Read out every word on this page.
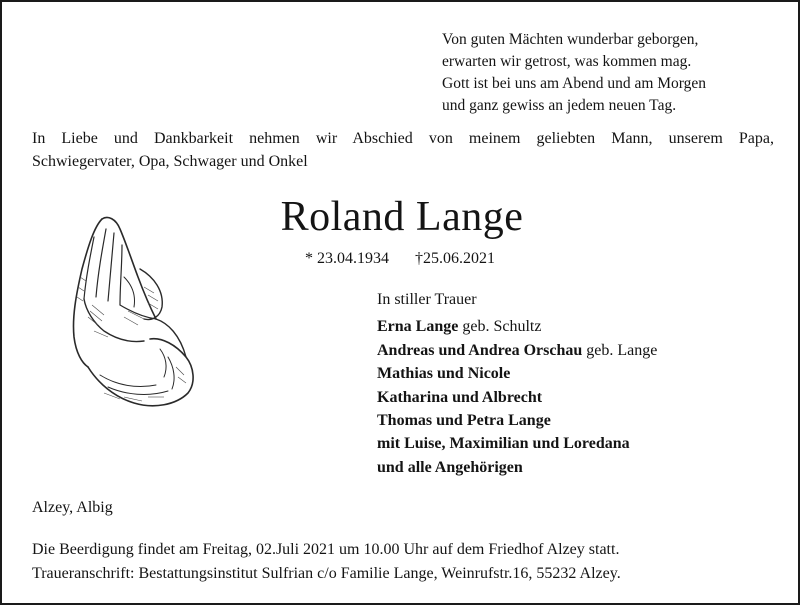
Von guten Mächten wunderbar geborgen,
erwarten wir getrost, was kommen mag.
Gott ist bei uns am Abend und am Morgen
und ganz gewiss an jedem neuen Tag.
In Liebe und Dankbarkeit nehmen wir Abschied von meinem geliebten Mann, unserem Papa,
Schwiegervater, Opa, Schwager und Onkel
Roland Lange
* 23.04.1934 †25.06.2021
In stiller Trauer
Erna Lange geb. Schultz
Andreas und Andrea Orschau geb. Lange
Mathias und Nicole
Katharina und Albrecht
Thomas und Petra Lange
mit Luise, Maximilian und Loredana
und alle Angehörigen
Alzey, Albig
Die Beerdigung findet am Freitag, 02.Juli 2021 um 10.00 Uhr auf dem Friedhof Alzey statt.
Traueranschrift: Bestattungsinstitut Sulfrian c/o Familie Lange, Weinrufstr.16, 55232 Alzey.
